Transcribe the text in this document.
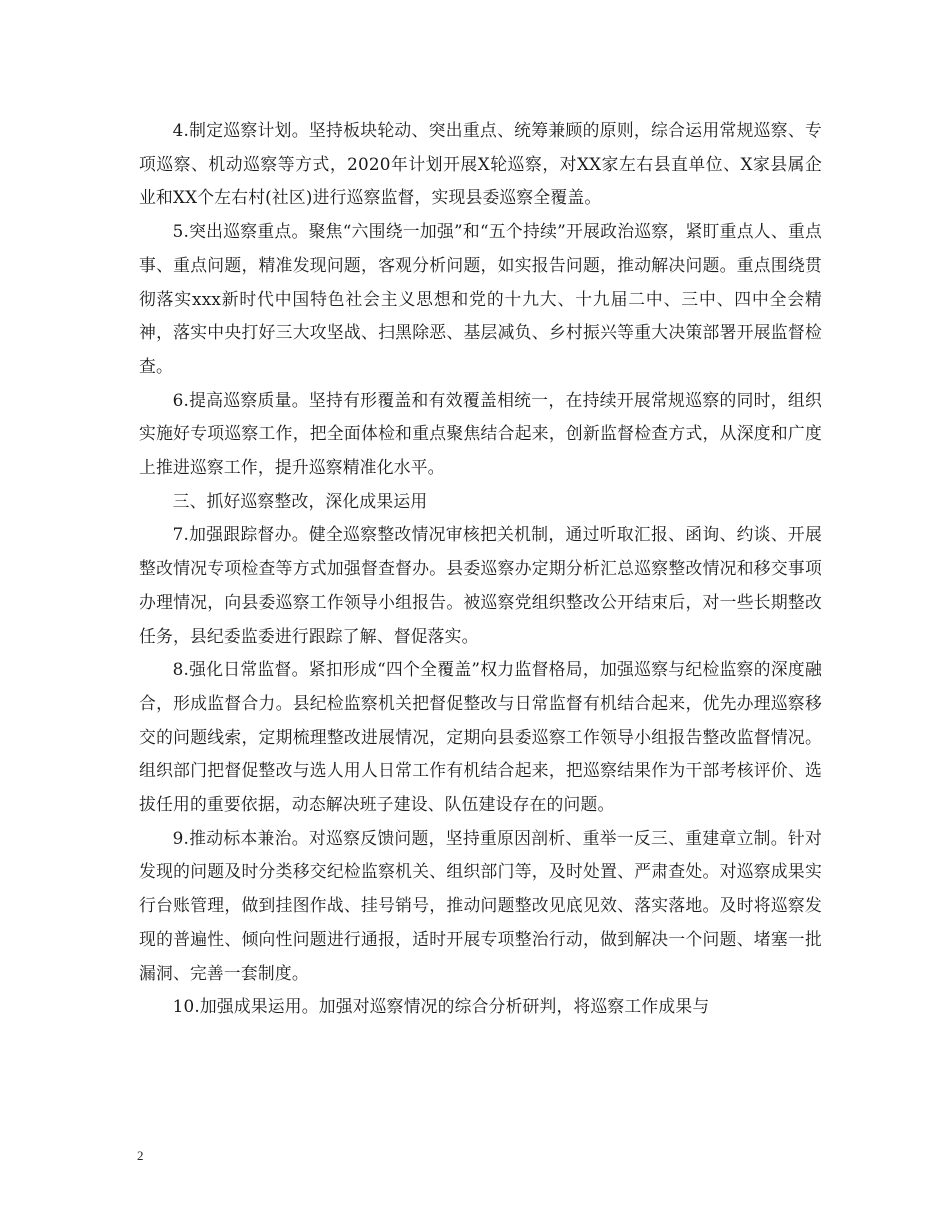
4.制定巡察计划。坚持板块轮动、突出重点、统筹兼顾的原则，综合运用常规巡察、专项巡察、机动巡察等方式，2020年计划开展X轮巡察，对XX家左右县直单位、X家县属企业和XX个左右村(社区)进行巡察监督，实现县委巡察全覆盖。

5.突出巡察重点。聚焦“六围绕一加强”和“五个持续”开展政治巡察，紧盯重点人、重点事、重点问题，精准发现问题，客观分析问题，如实报告问题，推动解决问题。重点围绕贯彻落实xxx新时代中国特色社会主义思想和党的十九大、十九届二中、三中、四中全会精神，落实中央打好三大攻坚战、扫黑除恶、基层减负、乡村振兴等重大决策部署开展监督检查。

6.提高巡察质量。坚持有形覆盖和有效覆盖相统一，在持续开展常规巡察的同时，组织实施好专项巡察工作，把全面体检和重点聚焦结合起来，创新监督检查方式，从深度和广度上推进巡察工作，提升巡察精准化水平。

三、抓好巡察整改，深化成果运用

7.加强跟踪督办。健全巡察整改情况审核把关机制，通过听取汇报、函询、约谈、开展整改情况专项检查等方式加强督查督办。县委巡察办定期分析汇总巡察整改情况和移交事项办理情况，向县委巡察工作领导小组报告。被巡察党组织整改公开结束后，对一些长期整改任务，县纪委监委进行跟踪了解、督促落实。

8.强化日常监督。紧扣形成“四个全覆盖”权力监督格局，加强巡察与纪检监察的深度融合，形成监督合力。县纪检监察机关把督促整改与日常监督有机结合起来，优先办理巡察移交的问题线索，定期梳理整改进展情况，定期向县委巡察工作领导小组报告整改监督情况。组织部门把督促整改与选人用人日常工作有机结合起来，把巡察结果作为干部考核评价、选拔任用的重要依据，动态解决班子建设、队伍建设存在的问题。

9.推动标本兼治。对巡察反馈问题，坚持重原因剖析、重举一反三、重建章立制。针对发现的问题及时分类移交纪检监察机关、组织部门等，及时处置、严肃查处。对巡察成果实行台账管理，做到挂图作战、挂号销号，推动问题整改见底见效、落实落地。及时将巡察发现的普遍性、倾向性问题进行通报，适时开展专项整治行动，做到解决一个问题、堵塞一批漏洞、完善一套制度。

10.加强成果运用。加强对巡察情况的综合分析研判，将巡察工作成果与

2
